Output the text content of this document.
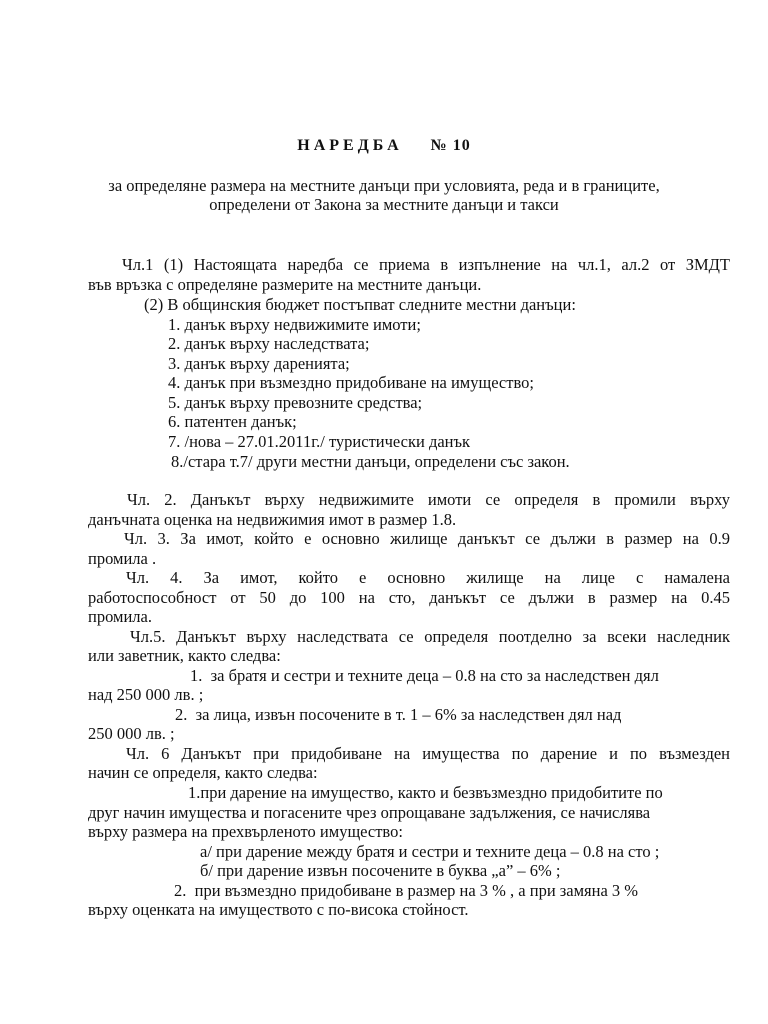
НАРЕДБА № 10
за определяне размера на местните данъци при условията, реда и в границите,
определени от Закона за местните данъци и такси
Чл.1 (1) Настоящата наредба се приема в изпълнение на чл.1, ал.2 от ЗМДТ
във връзка с определяне размерите на местните данъци.
(2) В общинския бюджет постъпват следните местни данъци:
1. данък върху недвижимите имоти;
2. данък върху наследствата;
3. данък върху даренията;
4. данък при възмездно придобиване на имущество;
5. данък върху превозните средства;
6. патентен данък;
7. /нова – 27.01.2011г./ туристически данък
8./стара т.7/ други местни данъци, определени със закон.
Чл. 2. Данъкът върху недвижимите имоти се определя в промили върху
данъчната оценка на недвижимия имот в размер 1.8.
Чл. 3. За имот, който е основно жилище данъкът се дължи в размер на 0.9
промила .
Чл. 4. За имот, който е основно жилище на лице с намалена
работоспособност от 50 до 100 на сто, данъкът се дължи в размер на 0.45
промила.
Чл.5. Данъкът върху наследствата се определя поотделно за всеки наследник
или заветник, както следва:
1.  за братя и сестри и техните деца – 0.8 на сто за наследствен дял
над 250 000 лв. ;
2.  за лица, извън посочените в т. 1 – 6% за наследствен дял над
250 000 лв. ;
Чл. 6 Данъкът при придобиване на имущества по дарение и по възмезден
начин се определя, както следва:
1.при дарение на имущество, както и безвъзмездно придобитите по
друг начин имущества и погасените чрез опрощаване задължения, се начислява
върху размера на прехвърленото имущество:
а/ при дарение между братя и сестри и техните деца – 0.8 на сто ;
б/ при дарение извън посочените в буква „а” – 6% ;
2.  при възмездно придобиване в размер на 3 % , а при замяна 3 %
върху оценката на имуществото с по-висока стойност.
